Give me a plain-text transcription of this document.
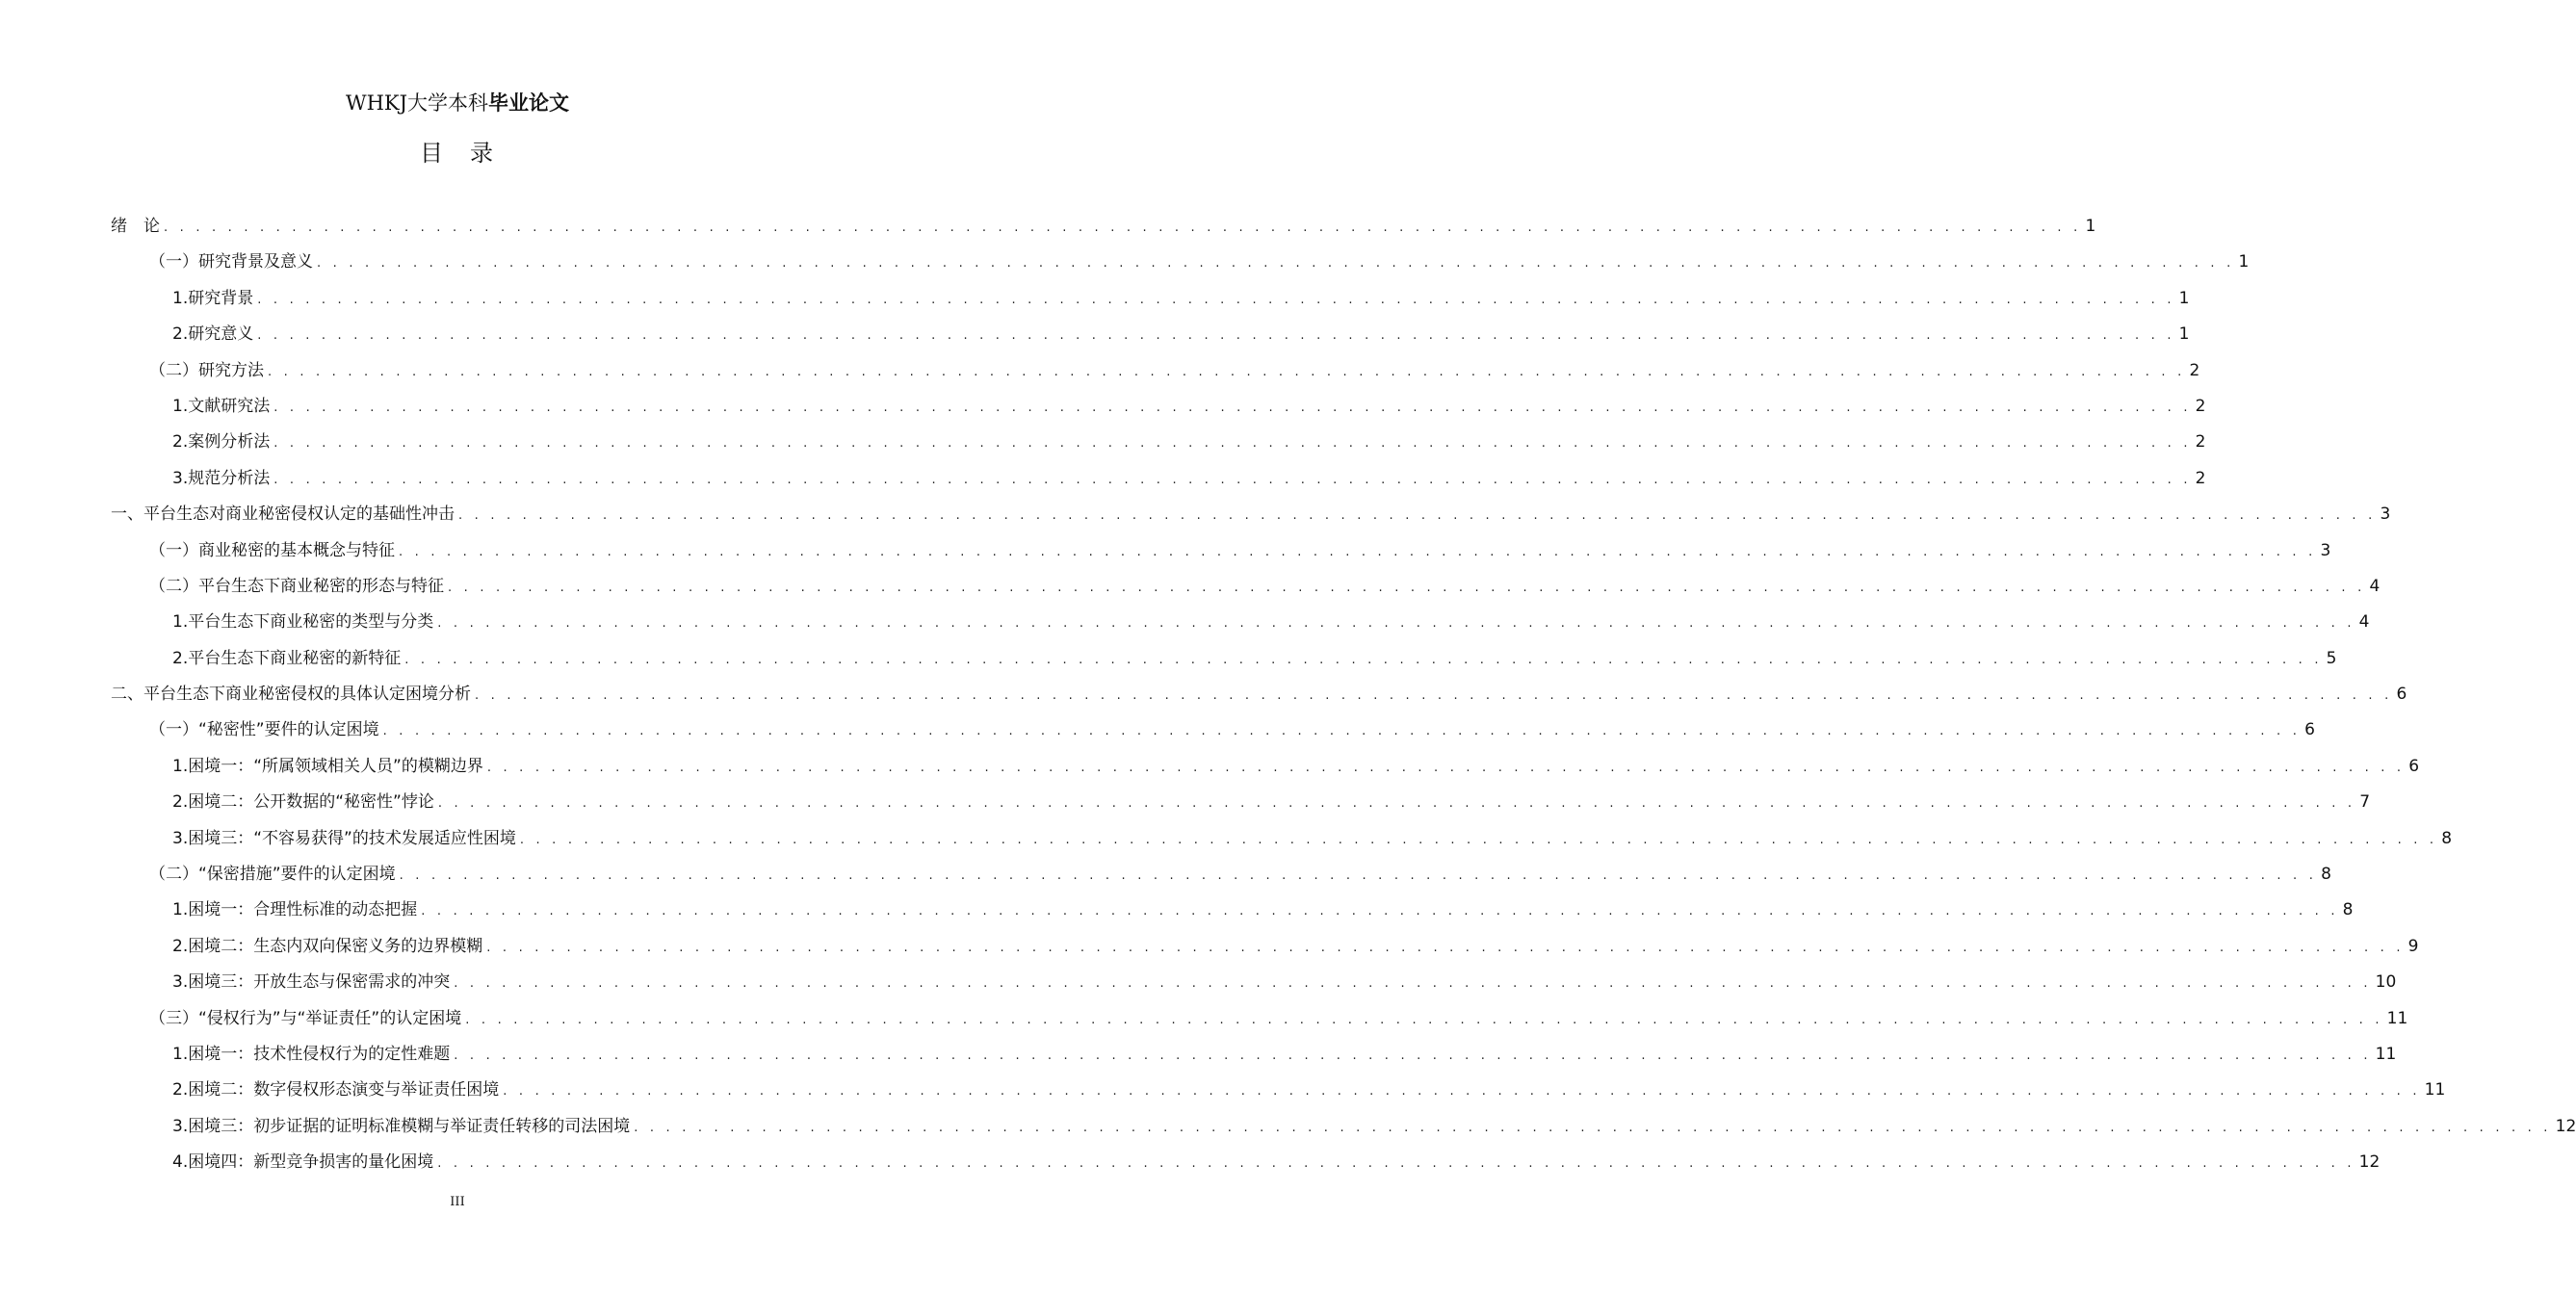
WHKJ大学本科毕业论文
目　录
绪　论 . . . . . . . . . . . . . . . . . . . . . . . . . . . . . . . . . . . . . . . . . . . . . . . . . . . . . . . . . . . . . . . . . . . . . . . . . . . . . . . . . . . . . . . . . . . . . . . . . . . . . . . . . . . . . . . . . . . . . . . . 1
（一）研究背景及意义 . . . . . . . . . . . . . . . . . . . . . . . . . . . . . . . . . . . . . . . . . . . . . . . . . . . . . . . . . . . . . . . . . . . . . . . . . . . . . . . . . . . . . . . . . . . . . . . . . . . . . . . . . . . . . . . . . . . . . . . . 1
1.研究背景 . . . . . . . . . . . . . . . . . . . . . . . . . . . . . . . . . . . . . . . . . . . . . . . . . . . . . . . . . . . . . . . . . . . . . . . . . . . . . . . . . . . . . . . . . . . . . . . . . . . . . . . . . . . . . . . . . . . . . . . . 1
2.研究意义 . . . . . . . . . . . . . . . . . . . . . . . . . . . . . . . . . . . . . . . . . . . . . . . . . . . . . . . . . . . . . . . . . . . . . . . . . . . . . . . . . . . . . . . . . . . . . . . . . . . . . . . . . . . . . . . . . . . . . . . . 1
（二）研究方法 . . . . . . . . . . . . . . . . . . . . . . . . . . . . . . . . . . . . . . . . . . . . . . . . . . . . . . . . . . . . . . . . . . . . . . . . . . . . . . . . . . . . . . . . . . . . . . . . . . . . . . . . . . . . . . . . . . . . . . . . 2
1.文献研究法 . . . . . . . . . . . . . . . . . . . . . . . . . . . . . . . . . . . . . . . . . . . . . . . . . . . . . . . . . . . . . . . . . . . . . . . . . . . . . . . . . . . . . . . . . . . . . . . . . . . . . . . . . . . . . . . . . . . . . . . . 2
2.案例分析法 . . . . . . . . . . . . . . . . . . . . . . . . . . . . . . . . . . . . . . . . . . . . . . . . . . . . . . . . . . . . . . . . . . . . . . . . . . . . . . . . . . . . . . . . . . . . . . . . . . . . . . . . . . . . . . . . . . . . . . . . 2
3.规范分析法 . . . . . . . . . . . . . . . . . . . . . . . . . . . . . . . . . . . . . . . . . . . . . . . . . . . . . . . . . . . . . . . . . . . . . . . . . . . . . . . . . . . . . . . . . . . . . . . . . . . . . . . . . . . . . . . . . . . . . . . . 2
一、平台生态对商业秘密侵权认定的基础性冲击 . . . . . . . . . . . . . . . . . . . . . . . . . . . . . . . . . . . . . . . . . . . . . . . . . . . . . . . . . . . . . . . . . . . . . . . . . . . . . . . . . . . . . . . . . . . . . . . . . . . . . . . . . . . . . . . . . . . . . . . . 3
（一）商业秘密的基本概念与特征 . . . . . . . . . . . . . . . . . . . . . . . . . . . . . . . . . . . . . . . . . . . . . . . . . . . . . . . . . . . . . . . . . . . . . . . . . . . . . . . . . . . . . . . . . . . . . . . . . . . . . . . . . . . . . . . . . . . . . . . . 3
（二）平台生态下商业秘密的形态与特征 . . . . . . . . . . . . . . . . . . . . . . . . . . . . . . . . . . . . . . . . . . . . . . . . . . . . . . . . . . . . . . . . . . . . . . . . . . . . . . . . . . . . . . . . . . . . . . . . . . . . . . . . . . . . . . . . . . . . . . . . 4
1.平台生态下商业秘密的类型与分类 . . . . . . . . . . . . . . . . . . . . . . . . . . . . . . . . . . . . . . . . . . . . . . . . . . . . . . . . . . . . . . . . . . . . . . . . . . . . . . . . . . . . . . . . . . . . . . . . . . . . . . . . . . . . . . . . . . . . . . . . 4
2.平台生态下商业秘密的新特征 . . . . . . . . . . . . . . . . . . . . . . . . . . . . . . . . . . . . . . . . . . . . . . . . . . . . . . . . . . . . . . . . . . . . . . . . . . . . . . . . . . . . . . . . . . . . . . . . . . . . . . . . . . . . . . . . . . . . . . . . 5
二、平台生态下商业秘密侵权的具体认定困境分析 . . . . . . . . . . . . . . . . . . . . . . . . . . . . . . . . . . . . . . . . . . . . . . . . . . . . . . . . . . . . . . . . . . . . . . . . . . . . . . . . . . . . . . . . . . . . . . . . . . . . . . . . . . . . . . . . . . . . . . . . 6
（一）“秘密性”要件的认定困境 . . . . . . . . . . . . . . . . . . . . . . . . . . . . . . . . . . . . . . . . . . . . . . . . . . . . . . . . . . . . . . . . . . . . . . . . . . . . . . . . . . . . . . . . . . . . . . . . . . . . . . . . . . . . . . . . . . . . . . . . 6
1.困境一：“所属领域相关人员”的模糊边界 . . . . . . . . . . . . . . . . . . . . . . . . . . . . . . . . . . . . . . . . . . . . . . . . . . . . . . . . . . . . . . . . . . . . . . . . . . . . . . . . . . . . . . . . . . . . . . . . . . . . . . . . . . . . . . . . . . . . . . . . 6
2.困境二：公开数据的“秘密性”悖论 . . . . . . . . . . . . . . . . . . . . . . . . . . . . . . . . . . . . . . . . . . . . . . . . . . . . . . . . . . . . . . . . . . . . . . . . . . . . . . . . . . . . . . . . . . . . . . . . . . . . . . . . . . . . . . . . . . . . . . . . 7
3.困境三：“不容易获得”的技术发展适应性困境 . . . . . . . . . . . . . . . . . . . . . . . . . . . . . . . . . . . . . . . . . . . . . . . . . . . . . . . . . . . . . . . . . . . . . . . . . . . . . . . . . . . . . . . . . . . . . . . . . . . . . . . . . . . . . . . . . . . . . . . . 8
（二）“保密措施”要件的认定困境 . . . . . . . . . . . . . . . . . . . . . . . . . . . . . . . . . . . . . . . . . . . . . . . . . . . . . . . . . . . . . . . . . . . . . . . . . . . . . . . . . . . . . . . . . . . . . . . . . . . . . . . . . . . . . . . . . . . . . . . . 8
1.困境一：合理性标准的动态把握 . . . . . . . . . . . . . . . . . . . . . . . . . . . . . . . . . . . . . . . . . . . . . . . . . . . . . . . . . . . . . . . . . . . . . . . . . . . . . . . . . . . . . . . . . . . . . . . . . . . . . . . . . . . . . . . . . . . . . . . . 8
2.困境二：生态内双向保密义务的边界模糊 . . . . . . . . . . . . . . . . . . . . . . . . . . . . . . . . . . . . . . . . . . . . . . . . . . . . . . . . . . . . . . . . . . . . . . . . . . . . . . . . . . . . . . . . . . . . . . . . . . . . . . . . . . . . . . . . . . . . . . . . 9
3.困境三：开放生态与保密需求的冲突 . . . . . . . . . . . . . . . . . . . . . . . . . . . . . . . . . . . . . . . . . . . . . . . . . . . . . . . . . . . . . . . . . . . . . . . . . . . . . . . . . . . . . . . . . . . . . . . . . . . . . . . . . . . . . . . . . . . . . . . . 10
（三）“侵权行为”与“举证责任”的认定困境 . . . . . . . . . . . . . . . . . . . . . . . . . . . . . . . . . . . . . . . . . . . . . . . . . . . . . . . . . . . . . . . . . . . . . . . . . . . . . . . . . . . . . . . . . . . . . . . . . . . . . . . . . . . . . . . . . . . . . . . . 11
1.困境一：技术性侵权行为的定性难题 . . . . . . . . . . . . . . . . . . . . . . . . . . . . . . . . . . . . . . . . . . . . . . . . . . . . . . . . . . . . . . . . . . . . . . . . . . . . . . . . . . . . . . . . . . . . . . . . . . . . . . . . . . . . . . . . . . . . . . . . 11
2.困境二：数字侵权形态演变与举证责任困境 . . . . . . . . . . . . . . . . . . . . . . . . . . . . . . . . . . . . . . . . . . . . . . . . . . . . . . . . . . . . . . . . . . . . . . . . . . . . . . . . . . . . . . . . . . . . . . . . . . . . . . . . . . . . . . . . . . . . . . . . 11
3.困境三：初步证据的证明标准模糊与举证责任转移的司法困境 . . . . . . . . . . . . . . . . . . . . . . . . . . . . . . . . . . . . . . . . . . . . . . . . . . . . . . . . . . . . . . . . . . . . . . . . . . . . . . . . . . . . . . . . . . . . . . . . . . . . . . . . . . . . . . . . . . . . . . . . 12
4.困境四：新型竞争损害的量化困境 . . . . . . . . . . . . . . . . . . . . . . . . . . . . . . . . . . . . . . . . . . . . . . . . . . . . . . . . . . . . . . . . . . . . . . . . . . . . . . . . . . . . . . . . . . . . . . . . . . . . . . . . . . . . . . . . . . . . . . . . 12
III
